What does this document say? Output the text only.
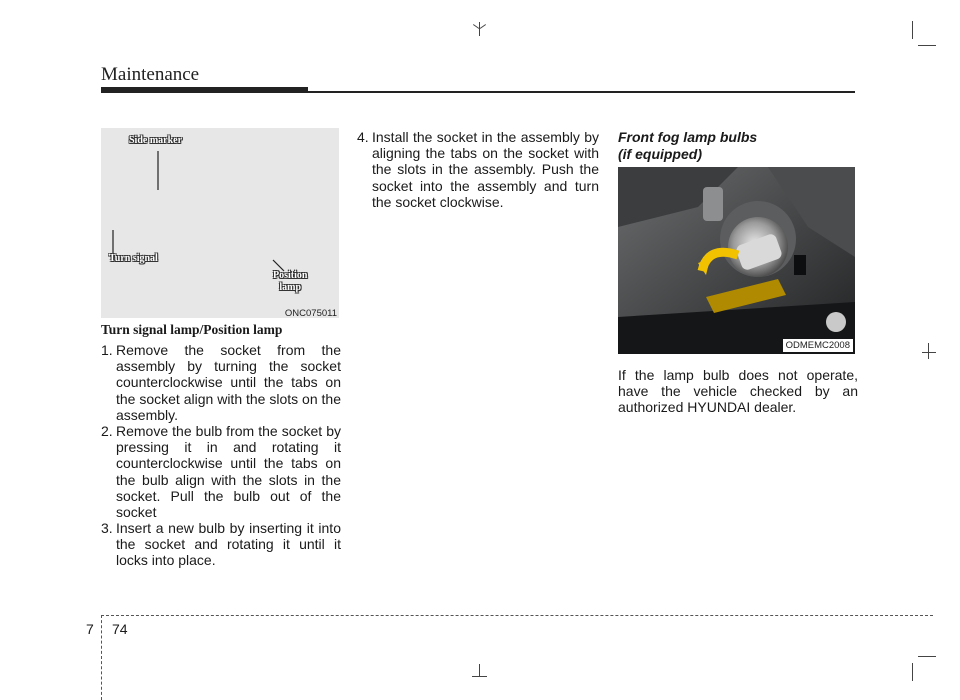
Maintenance
Side marker
Turn signal
Position
lamp
ONC075011
Turn signal lamp/Position lamp
1. Remove the socket from the assembly by turning the socket counterclockwise until the tabs on the socket align with the slots on the assembly.
2. Remove the bulb from the socket by pressing it in and rotating it counterclockwise until the tabs on the bulb align with the slots in the socket. Pull the bulb out of the socket
3. Insert a new bulb by inserting it into the socket and rotating it until it locks into place.
4. Install the socket in the assembly by aligning the tabs on the socket with the slots in the assembly. Push the socket into the assembly and turn the socket clockwise.
Front fog lamp bulbs
(if equipped)
ODMEMC2008
If the lamp bulb does not operate, have the vehicle checked by an authorized HYUNDAI dealer.
7 74
